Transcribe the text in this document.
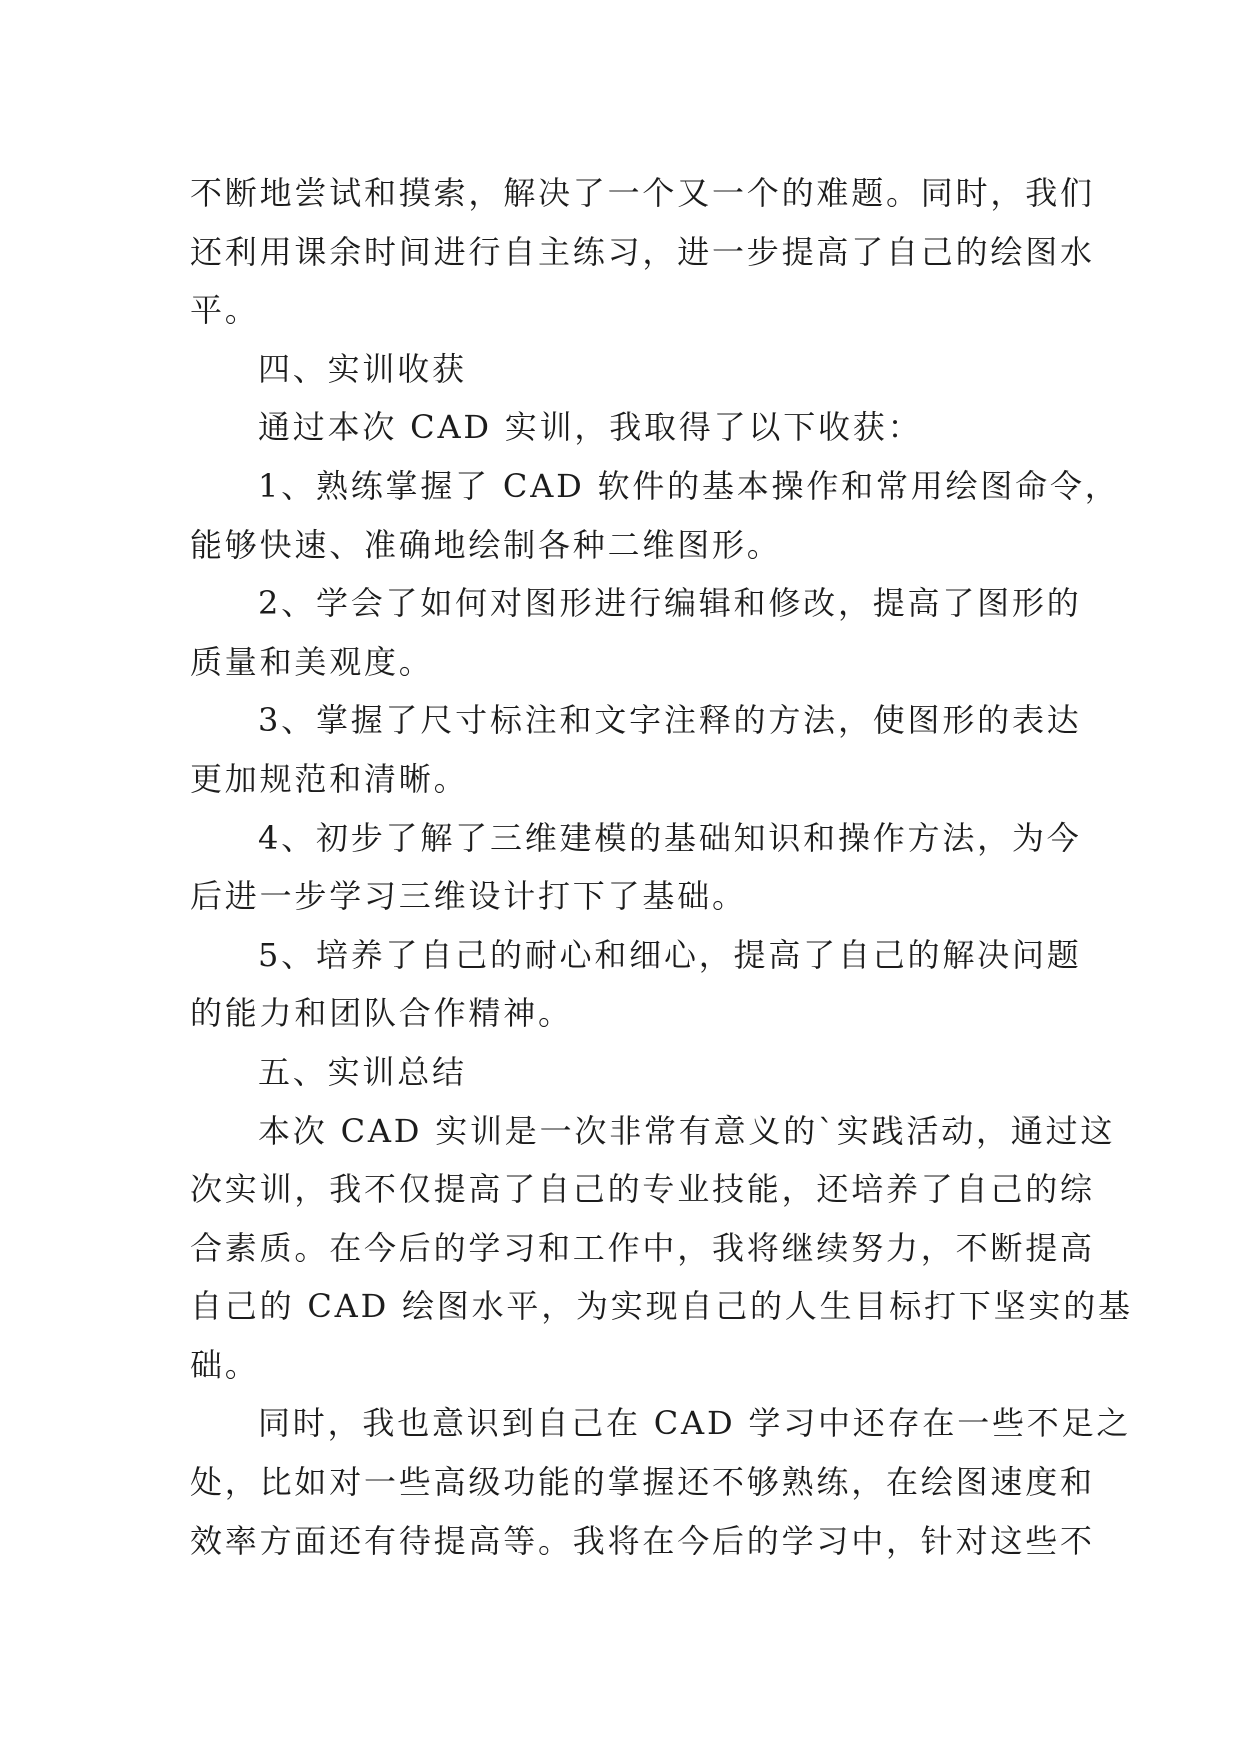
不断地尝试和摸索，解决了一个又一个的难题。同时，我们
还利用课余时间进行自主练习，进一步提高了自己的绘图水
平。
四、实训收获
通过本次 CAD 实训，我取得了以下收获：
1、熟练掌握了 CAD 软件的基本操作和常用绘图命令，
能够快速、准确地绘制各种二维图形。
2、学会了如何对图形进行编辑和修改，提高了图形的
质量和美观度。
3、掌握了尺寸标注和文字注释的方法，使图形的表达
更加规范和清晰。
4、初步了解了三维建模的基础知识和操作方法，为今
后进一步学习三维设计打下了基础。
5、培养了自己的耐心和细心，提高了自己的解决问题
的能力和团队合作精神。
五、实训总结
本次 CAD 实训是一次非常有意义的`实践活动，通过这
次实训，我不仅提高了自己的专业技能，还培养了自己的综
合素质。在今后的学习和工作中，我将继续努力，不断提高
自己的 CAD 绘图水平，为实现自己的人生目标打下坚实的基
础。
同时，我也意识到自己在 CAD 学习中还存在一些不足之
处，比如对一些高级功能的掌握还不够熟练，在绘图速度和
效率方面还有待提高等。我将在今后的学习中，针对这些不
